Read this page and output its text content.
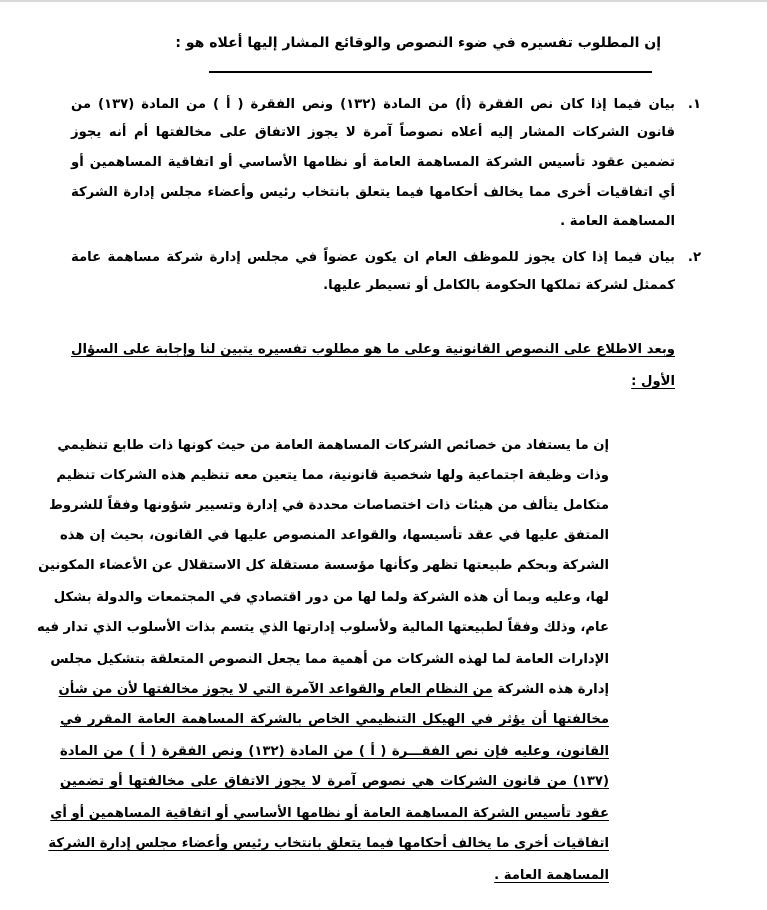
إن المطلوب تفسيره في ضوء النصوص والوقائع المشار إليها أعلاه هو :
١.
بيان فيما إذا كان نص الفقرة (أ) من المادة (١٣٢) ونص الفقرة ( أ ) من المادة (١٣٧) من
قانون الشركات المشار إليه أعلاه نصوصاً آمرة لا يجوز الاتفاق على مخالفتها أم أنه يجوز
تضمين عقود تأسيس الشركة المساهمة العامة أو نظامها الأساسي أو اتفاقية المساهمين أو
أي اتفاقيات أخرى مما يخالف أحكامها فيما يتعلق بانتخاب رئيس وأعضاء مجلس إدارة الشركة
المساهمة العامة .
٢.
بيان فيما إذا كان يجوز للموظف العام ان يكون عضواً في مجلس إدارة شركة مساهمة عامة
كممثل لشركة تملكها الحكومة بالكامل أو تسيطر عليها.
وبعد الاطلاع على النصوص القانونية وعلى ما هو مطلوب تفسيره يتبين لنا وإجابة على السؤال
الأول :
إن ما يستفاد من خصائص الشركات المساهمة العامة من حيث كونها ذات طابع تنظيمي
وذات وظيفة اجتماعية ولها شخصية قانونية، مما يتعين معه تنظيم هذه الشركات تنظيم
متكامل يتألف من هيئات ذات اختصاصات محددة في إدارة وتسيير شؤونها وفقاً للشروط
المتفق عليها في عقد تأسيسها، والقواعد المنصوص عليها في القانون، بحيث إن هذه
الشركة وبحكم طبيعتها تظهر وكأنها مؤسسة مستقلة كل الاستقلال عن الأعضاء المكونين
لها، وعليه وبما أن هذه الشركة ولما لها من دور اقتصادي في المجتمعات والدولة بشكل
عام، وذلك وفقاً لطبيعتها المالية ولأسلوب إدارتها الذي يتسم بذات الأسلوب الذي تدار فيه
الإدارات العامة لما لهذه الشركات من أهمية مما يجعل النصوص المتعلقة بتشكيل مجلس
إدارة هذه الشركة من النظام العام والقواعد الآمرة التي لا يجوز مخالفتها لأن من شأن
مخالفتها أن يؤثر في الهيكل التنظيمي الخاص بالشركة المساهمة العامة المقرر في
القانون، وعليه فإن نص الفقـــرة ( أ ) من المادة (١٣٢) ونص الفقرة ( أ ) من المادة
(١٣٧) من قانون الشركات هي نصوص آمرة لا يجوز الاتفاق على مخالفتها أو تضمين
عقود تأسيس الشركة المساهمة العامة أو نظامها الأساسي أو اتفاقية المساهمين أو أي
اتفاقيات أخرى ما يخالف أحكامها فيما يتعلق بانتخاب رئيس وأعضاء مجلس إدارة الشركة
المساهمة العامة .
